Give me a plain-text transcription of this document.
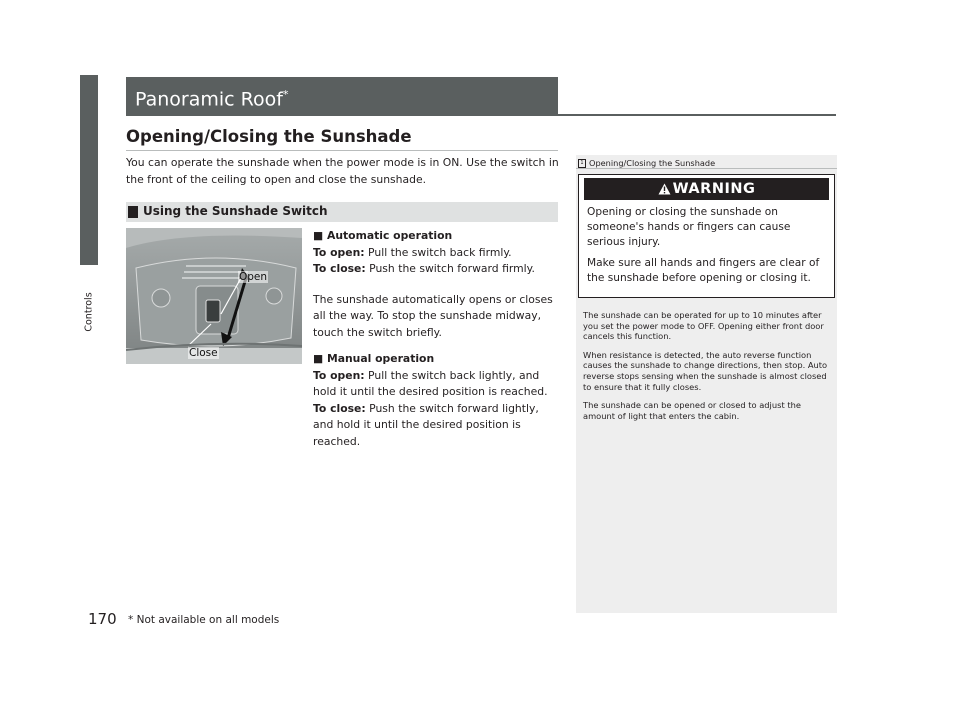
Controls
170 * Not available on all models
Panoramic Roof*
Opening/Closing the Sunshade
You can operate the sunshade when the power mode is in ON. Use the switch in the front of the ceiling to open and close the sunshade.
Using the Sunshade Switch
Open
Close

■ Automatic operation

To open: Pull the switch back firmly.

To close: Push the switch forward firmly.

The sunshade automatically opens or closes all the way. To stop the sunshade midway, touch the switch briefly.

■ Manual operation

To open: Pull the switch back lightly, and hold it until the desired position is reached.

To close: Push the switch forward lightly, and hold it until the desired position is reached.

1 Opening/Closing the Sunshade
WARNING

Opening or closing the sunshade on someone's hands or fingers can cause serious injury.

Make sure all hands and fingers are clear of the sunshade before opening or closing it.

The sunshade can be operated for up to 10 minutes after you set the power mode to OFF. Opening either front door cancels this function.

When resistance is detected, the auto reverse function causes the sunshade to change directions, then stop. Auto reverse stops sensing when the sunshade is almost closed to ensure that it fully closes.

The sunshade can be opened or closed to adjust the amount of light that enters the cabin.
